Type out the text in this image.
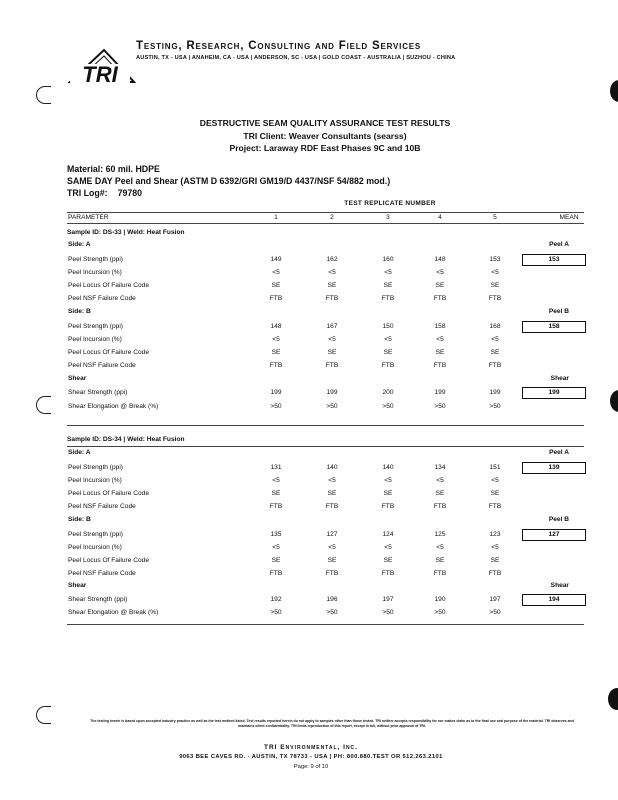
TRI
Testing, Research, Consulting and Field Services
AUSTIN, TX - USA | ANAHEIM, CA - USA | ANDERSON, SC - USA | GOLD COAST - AUSTRALIA | SUZHOU - CHINA
DESTRUCTIVE SEAM QUALITY ASSURANCE TEST RESULTS
TRI Client: Weaver Consultants (searss)
Project: Laraway RDF East Phases 9C and 10B
Material: 60 mil. HDPE
SAME DAY Peel and Shear (ASTM D 6392/GRI GM19/D 4437/NSF 54/882 mod.)
TRI Log#: 79780
TEST REPLICATE NUMBER
PARAMETER	1	2	3	4	5	MEAN
Sample ID: DS-33 | Weld: Heat Fusion
Side: A	Peel A
Peel Strength (ppi)	149	162	160	148	153	153
Peel Incursion (%)	<5	<5	<5	<5	<5
Peel Locus Of Failure Code	SE	SE	SE	SE	SE
Peel NSF Failure Code	FTB	FTB	FTB	FTB	FTB
Side: B	Peel B
Peel Strength (ppi)	148	167	150	158	168	158
Peel Incursion (%)	<5	<5	<5	<5	<5
Peel Locus Of Failure Code	SE	SE	SE	SE	SE
Peel NSF Failure Code	FTB	FTB	FTB	FTB	FTB
Shear	Shear
Shear Strength (ppi)	199	199	200	199	199	199
Shear Elongation @ Break (%)	>50	>50	>50	>50	>50
Sample ID: DS-34 | Weld: Heat Fusion
Side: A	Peel A
Peel Strength (ppi)	131	140	140	134	151	139
Peel Incursion (%)	<5	<5	<5	<5	<5
Peel Locus Of Failure Code	SE	SE	SE	SE	SE
Peel NSF Failure Code	FTB	FTB	FTB	FTB	FTB
Side: B	Peel B
Peel Strength (ppi)	135	127	124	125	123	127
Peel Incursion (%)	<5	<5	<5	<5	<5
Peel Locus Of Failure Code	SE	SE	SE	SE	SE
Peel NSF Failure Code	FTB	FTB	FTB	FTB	FTB
Shear	Shear
Shear Strength (ppi)	192	196	197	190	197	194
Shear Elongation @ Break (%)	>50	>50	>50	>50	>50
The testing herein is based upon accepted industry practice as well as the test method listed. Test results reported herein do not apply to samples other than those tested. TRI neither accepts responsibility for nor makes claim as to the final use and purpose of the material. TRI observes and maintains client confidentiality. TRI limits reproduction of this report, except in full, without prior approval of TRI.
TRI Environmental, Inc.
9063 BEE CAVES RD. - AUSTIN, TX 78733 - USA | PH: 800.880.TEST OR 512.263.2101
Page: 9 of 10
